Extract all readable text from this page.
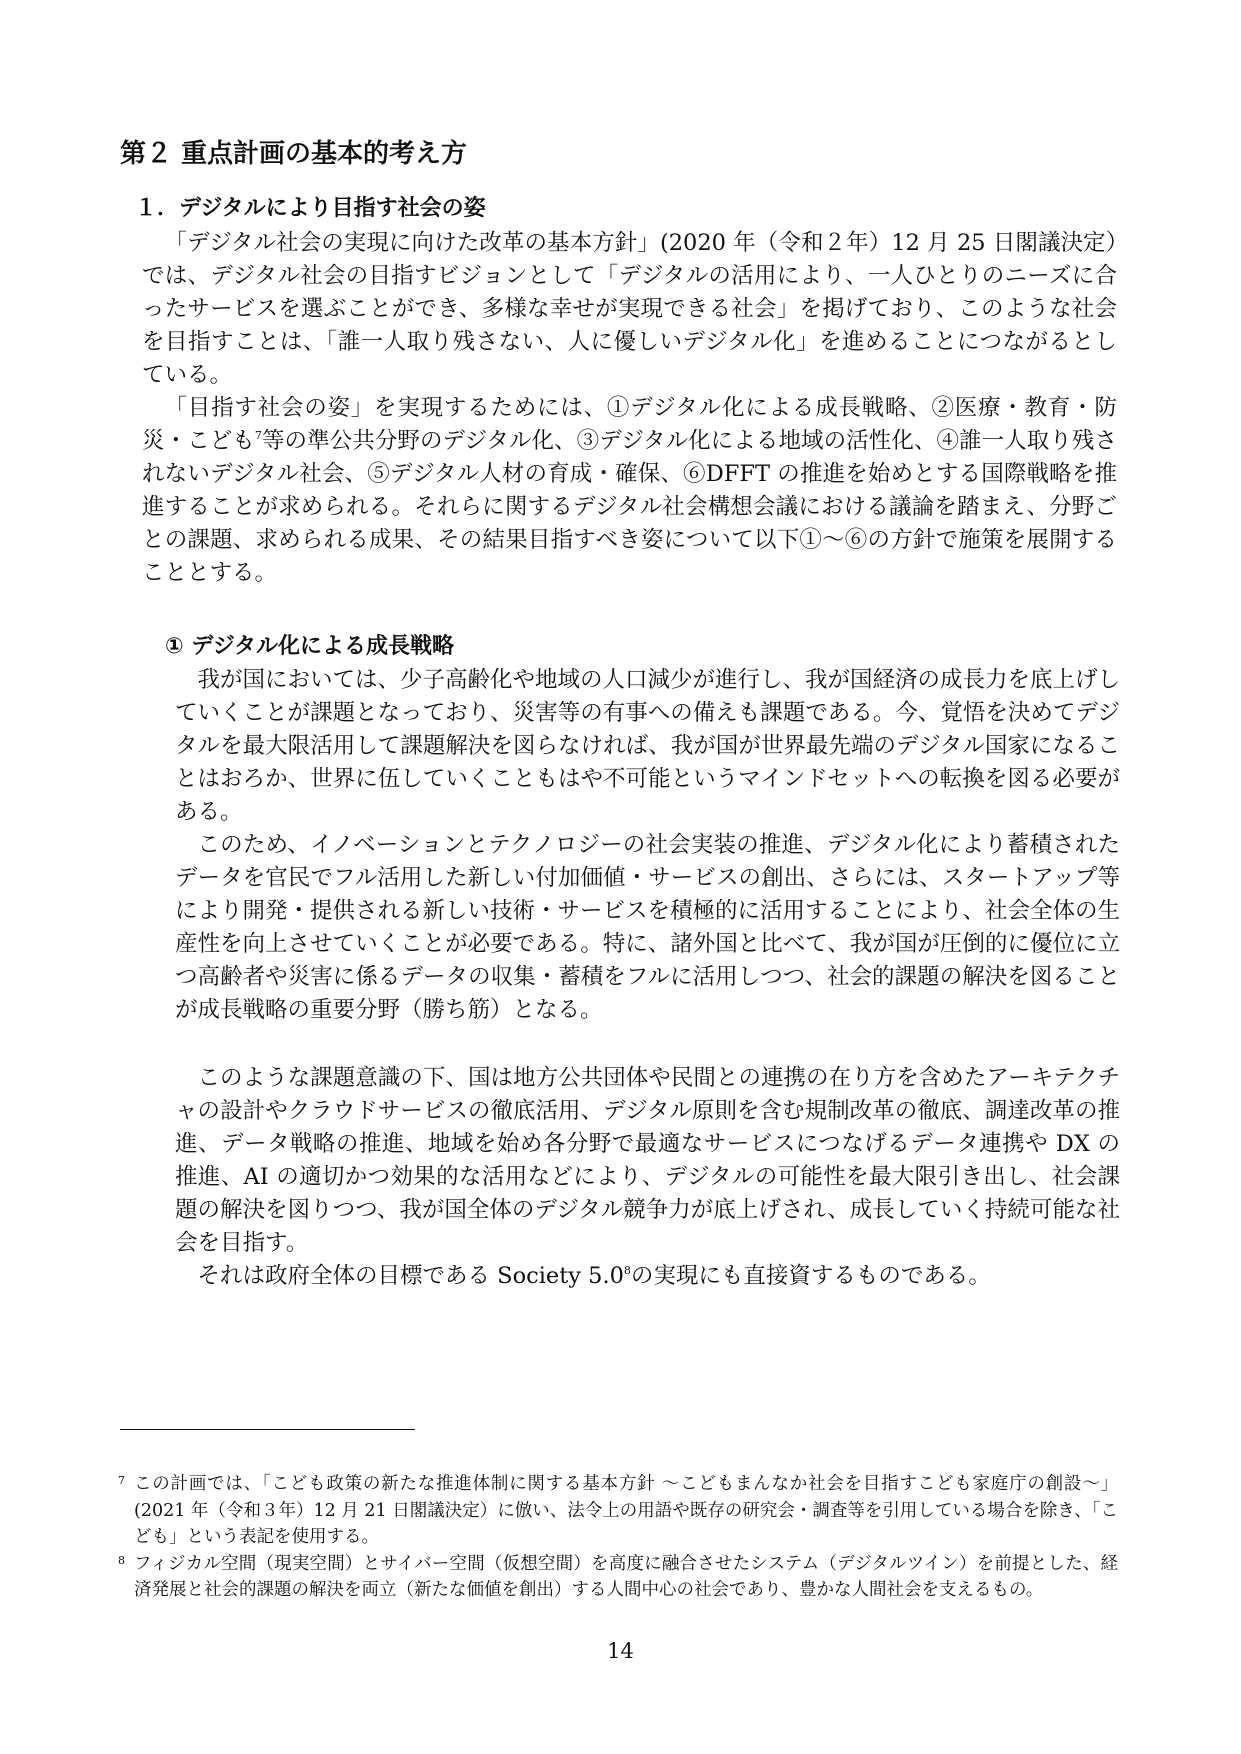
第２ 重点計画の基本的考え方
１．デジタルにより目指す社会の姿

「デジタル社会の実現に向けた改革の基本方針」(2020 年（令和２年）12 月 25 日閣議決定）では、デジタル社会の目指すビジョンとして「デジタルの活用により、一人ひとりのニーズに合ったサービスを選ぶことができ、多様な幸せが実現できる社会」を掲げており、このような社会を目指すことは、「誰一人取り残さない、人に優しいデジタル化」を進めることにつながるとしている。

「目指す社会の姿」を実現するためには、①デジタル化による成長戦略、②医療・教育・防災・こども$^7$等の準公共分野のデジタル化、③デジタル化による地域の活性化、④誰一人取り残されないデジタル社会、⑤デジタル人材の育成・確保、⑥DFFT の推進を始めとする国際戦略を推進することが求められる。それらに関するデジタル社会構想会議における議論を踏まえ、分野ごとの課題、求められる成果、その結果目指すべき姿について以下①～⑥の方針で施策を展開することとする。

① デジタル化による成長戦略

我が国においては、少子高齢化や地域の人口減少が進行し、我が国経済の成長力を底上げしていくことが課題となっており、災害等の有事への備えも課題である。今、覚悟を決めてデジタルを最大限活用して課題解決を図らなければ、我が国が世界最先端のデジタル国家になることはおろか、世界に伍していくこともはや不可能というマインドセットへの転換を図る必要がある。

このため、イノベーションとテクノロジーの社会実装の推進、デジタル化により蓄積されたデータを官民でフル活用した新しい付加価値・サービスの創出、さらには、スタートアップ等により開発・提供される新しい技術・サービスを積極的に活用することにより、社会全体の生産性を向上させていくことが必要である。特に、諸外国と比べて、我が国が圧倒的に優位に立つ高齢者や災害に係るデータの収集・蓄積をフルに活用しつつ、社会的課題の解決を図ることが成長戦略の重要分野（勝ち筋）となる。

このような課題意識の下、国は地方公共団体や民間との連携の在り方を含めたアーキテクチャの設計やクラウドサービスの徹底活用、デジタル原則を含む規制改革の徹底、調達改革の推進、データ戦略の推進、地域を始め各分野で最適なサービスにつなげるデータ連携や DX の推進、AI の適切かつ効果的な活用などにより、デジタルの可能性を最大限引き出し、社会課題の解決を図りつつ、我が国全体のデジタル競争力が底上げされ、成長していく持続可能な社会を目指す。

それは政府全体の目標である Society $5.0^8$の実現にも直接資するものである。

7 この計画では、「こども政策の新たな推進体制に関する基本方針 ～こどもまんなか社会を目指すこども家庭庁の創設～」(2021 年（令和３年）12 月 21 日閣議決定）に倣い、法令上の用語や既存の研究会・調査等を引用している場合を除き、「こども」という表記を使用する。
8 フィジカル空間（現実空間）とサイバー空間（仮想空間）を高度に融合させたシステム（デジタルツイン）を前提とした、経済発展と社会的課題の解決を両立（新たな価値を創出）する人間中心の社会であり、豊かな人間社会を支えるもの。
14
